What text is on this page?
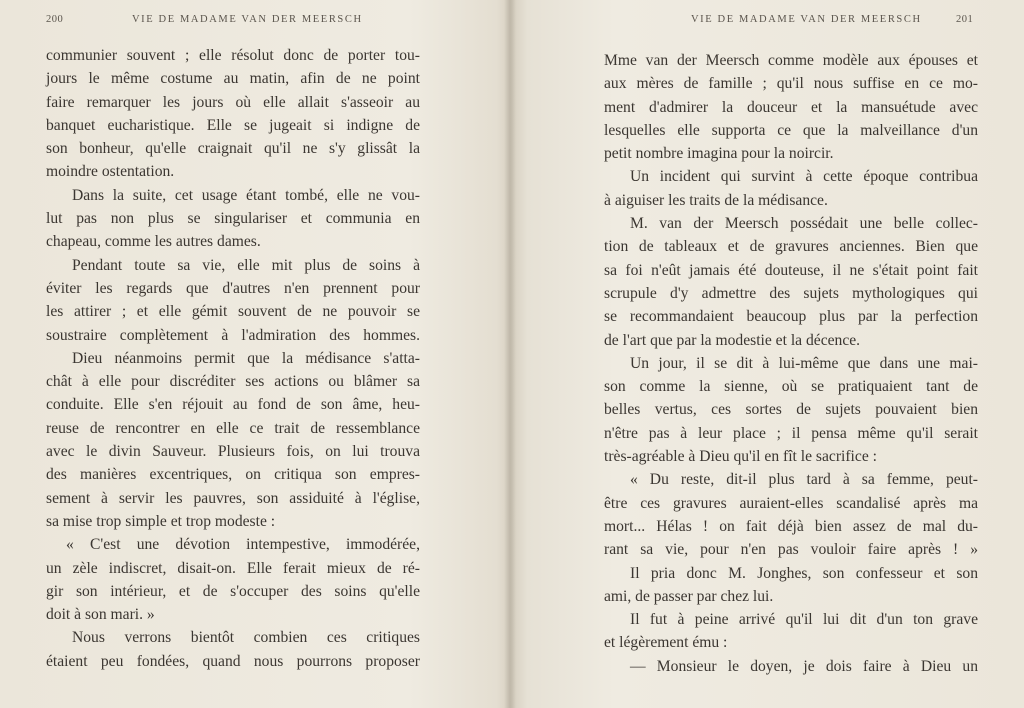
200	VIE DE MADAME VAN DER MEERSCH
communier souvent ; elle résolut donc de porter tou-
jours le même costume au matin, afin de ne point
faire remarquer les jours où elle allait s'asseoir au
banquet eucharistique. Elle se jugeait si indigne de
son bonheur, qu'elle craignait qu'il ne s'y glissât la
moindre ostentation.
Dans la suite, cet usage étant tombé, elle ne vou-
lut pas non plus se singulariser et communia en
chapeau, comme les autres dames.
Pendant toute sa vie, elle mit plus de soins à
éviter les regards que d'autres n'en prennent pour
les attirer ; et elle gémit souvent de ne pouvoir se
soustraire complètement à l'admiration des hommes.
Dieu néanmoins permit que la médisance s'atta-
chât à elle pour discréditer ses actions ou blâmer sa
conduite. Elle s'en réjouit au fond de son âme, heu-
reuse de rencontrer en elle ce trait de ressemblance
avec le divin Sauveur. Plusieurs fois, on lui trouva
des manières excentriques, on critiqua son empres-
sement à servir les pauvres, son assiduité à l'église,
sa mise trop simple et trop modeste :
« C'est une dévotion intempestive, immodérée,
un zèle indiscret, disait-on. Elle ferait mieux de ré-
gir son intérieur, et de s'occuper des soins qu'elle
doit à son mari. »
Nous verrons bientôt combien ces critiques
étaient peu fondées, quand nous pourrons proposer
VIE DE MADAME VAN DER MEERSCH	201
Mme van der Meersch comme modèle aux épouses et
aux mères de famille ; qu'il nous suffise en ce mo-
ment d'admirer la douceur et la mansuétude avec
lesquelles elle supporta ce que la malveillance d'un
petit nombre imagina pour la noircir.
Un incident qui survint à cette époque contribua
à aiguiser les traits de la médisance.
M. van der Meersch possédait une belle collec-
tion de tableaux et de gravures anciennes. Bien que
sa foi n'eût jamais été douteuse, il ne s'était point fait
scrupule d'y admettre des sujets mythologiques qui
se recommandaient beaucoup plus par la perfection
de l'art que par la modestie et la décence.
Un jour, il se dit à lui-même que dans une mai-
son comme la sienne, où se pratiquaient tant de
belles vertus, ces sortes de sujets pouvaient bien
n'être pas à leur place ; il pensa même qu'il serait
très-agréable à Dieu qu'il en fît le sacrifice :
« Du reste, dit-il plus tard à sa femme, peut-
être ces gravures auraient-elles scandalisé après ma
mort... Hélas ! on fait déjà bien assez de mal du-
rant sa vie, pour n'en pas vouloir faire après ! »
Il pria donc M. Jonghes, son confesseur et son
ami, de passer par chez lui.
Il fut à peine arrivé qu'il lui dit d'un ton grave
et légèrement ému :
— Monsieur le doyen, je dois faire à Dieu un
